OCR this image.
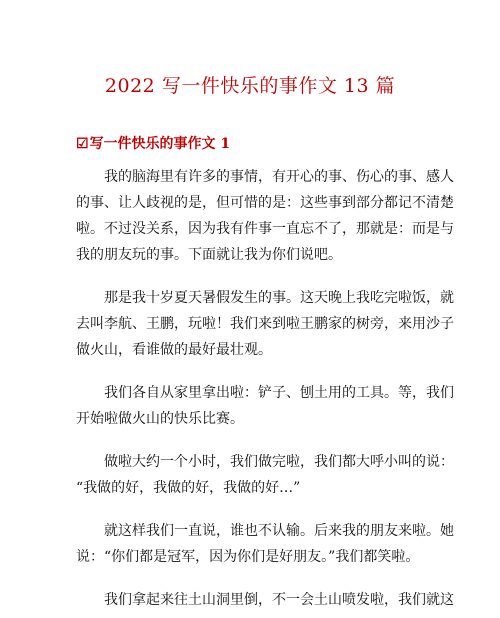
2022 写一件快乐的事作文 13 篇
☑写一件快乐的事作文 1

我的脑海里有许多的事情，有开心的事、伤心的事、感人
的事、让人歧视的是，但可惜的是：这些事到部分都记不清楚
啦。不过没关系，因为我有件事一直忘不了，那就是：而是与
我的朋友玩的事。下面就让我为你们说吧。

那是我十岁夏天暑假发生的事。这天晚上我吃完啦饭，就
去叫李航、王鹏，玩啦！我们来到啦王鹏家的树旁，来用沙子
做火山，看谁做的最好最壮观。

我们各自从家里拿出啦：铲子、刨土用的工具。等，我们
开始啦做火山的快乐比赛。

做啦大约一个小时，我们做完啦，我们都大呼小叫的说：
“我做的好，我做的好，我做的好…”

就这样我们一直说，谁也不认输。后来我的朋友来啦。她
说：“你们都是冠军，因为你们是好朋友。”我们都笑啦。

我们拿起来往土山洞里倒，不一会土山喷发啦，我们就这
